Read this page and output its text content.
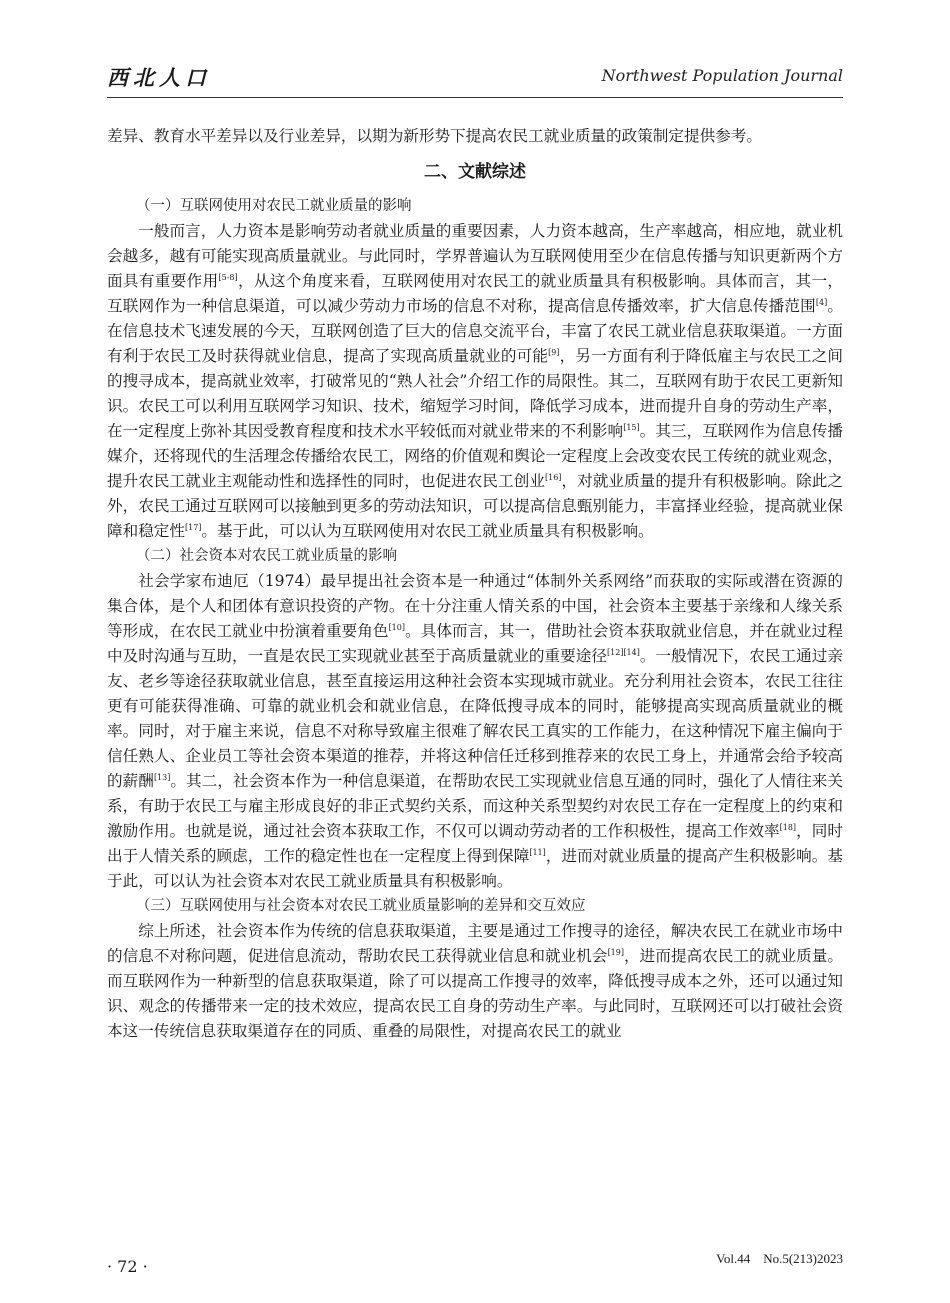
西北人口	Northwest Population Journal

差异、教育水平差异以及行业差异，以期为新形势下提高农民工就业质量的政策制定提供参考。

二、文献综述

（一）互联网使用对农民工就业质量的影响

一般而言，人力资本是影响劳动者就业质量的重要因素，人力资本越高，生产率越高，相应地，就业机会越多，越有可能实现高质量就业。与此同时，学界普遍认为互联网使用至少在信息传播与知识更新两个方面具有重要作用[5-8]，从这个角度来看，互联网使用对农民工的就业质量具有积极影响。具体而言，其一，互联网作为一种信息渠道，可以减少劳动力市场的信息不对称，提高信息传播效率，扩大信息传播范围[4]。在信息技术飞速发展的今天，互联网创造了巨大的信息交流平台，丰富了农民工就业信息获取渠道。一方面有利于农民工及时获得就业信息，提高了实现高质量就业的可能[9]，另一方面有利于降低雇主与农民工之间的搜寻成本，提高就业效率，打破常见的“熟人社会”介绍工作的局限性。其二，互联网有助于农民工更新知识。农民工可以利用互联网学习知识、技术，缩短学习时间，降低学习成本，进而提升自身的劳动生产率，在一定程度上弥补其因受教育程度和技术水平较低而对就业带来的不利影响[15]。其三，互联网作为信息传播媒介，还将现代的生活理念传播给农民工，网络的价值观和舆论一定程度上会改变农民工传统的就业观念，提升农民工就业主观能动性和选择性的同时，也促进农民工创业[16]，对就业质量的提升有积极影响。除此之外，农民工通过互联网可以接触到更多的劳动法知识，可以提高信息甄别能力，丰富择业经验，提高就业保障和稳定性[17]。基于此，可以认为互联网使用对农民工就业质量具有积极影响。

（二）社会资本对农民工就业质量的影响

社会学家布迪厄（1974）最早提出社会资本是一种通过“体制外关系网络”而获取的实际或潜在资源的集合体，是个人和团体有意识投资的产物。在十分注重人情关系的中国，社会资本主要基于亲缘和人缘关系等形成，在农民工就业中扮演着重要角色[10]。具体而言，其一，借助社会资本获取就业信息，并在就业过程中及时沟通与互助，一直是农民工实现就业甚至于高质量就业的重要途径[12][14]。一般情况下，农民工通过亲友、老乡等途径获取就业信息，甚至直接运用这种社会资本实现城市就业。充分利用社会资本，农民工往往更有可能获得准确、可靠的就业机会和就业信息，在降低搜寻成本的同时，能够提高实现高质量就业的概率。同时，对于雇主来说，信息不对称导致雇主很难了解农民工真实的工作能力，在这种情况下雇主偏向于信任熟人、企业员工等社会资本渠道的推荐，并将这种信任迁移到推荐来的农民工身上，并通常会给予较高的薪酬[13]。其二，社会资本作为一种信息渠道，在帮助农民工实现就业信息互通的同时，强化了人情往来关系，有助于农民工与雇主形成良好的非正式契约关系，而这种关系型契约对农民工存在一定程度上的约束和激励作用。也就是说，通过社会资本获取工作，不仅可以调动劳动者的工作积极性，提高工作效率[18]，同时出于人情关系的顾虑，工作的稳定性也在一定程度上得到保障[11]，进而对就业质量的提高产生积极影响。基于此，可以认为社会资本对农民工就业质量具有积极影响。

（三）互联网使用与社会资本对农民工就业质量影响的差异和交互效应

综上所述，社会资本作为传统的信息获取渠道，主要是通过工作搜寻的途径，解决农民工在就业市场中的信息不对称问题，促进信息流动，帮助农民工获得就业信息和就业机会[19]，进而提高农民工的就业质量。而互联网作为一种新型的信息获取渠道，除了可以提高工作搜寻的效率，降低搜寻成本之外，还可以通过知识、观念的传播带来一定的技术效应，提高农民工自身的劳动生产率。与此同时，互联网还可以打破社会资本这一传统信息获取渠道存在的同质、重叠的局限性，对提高农民工的就业

· 72 ·	Vol.44　No.5(213)2023
